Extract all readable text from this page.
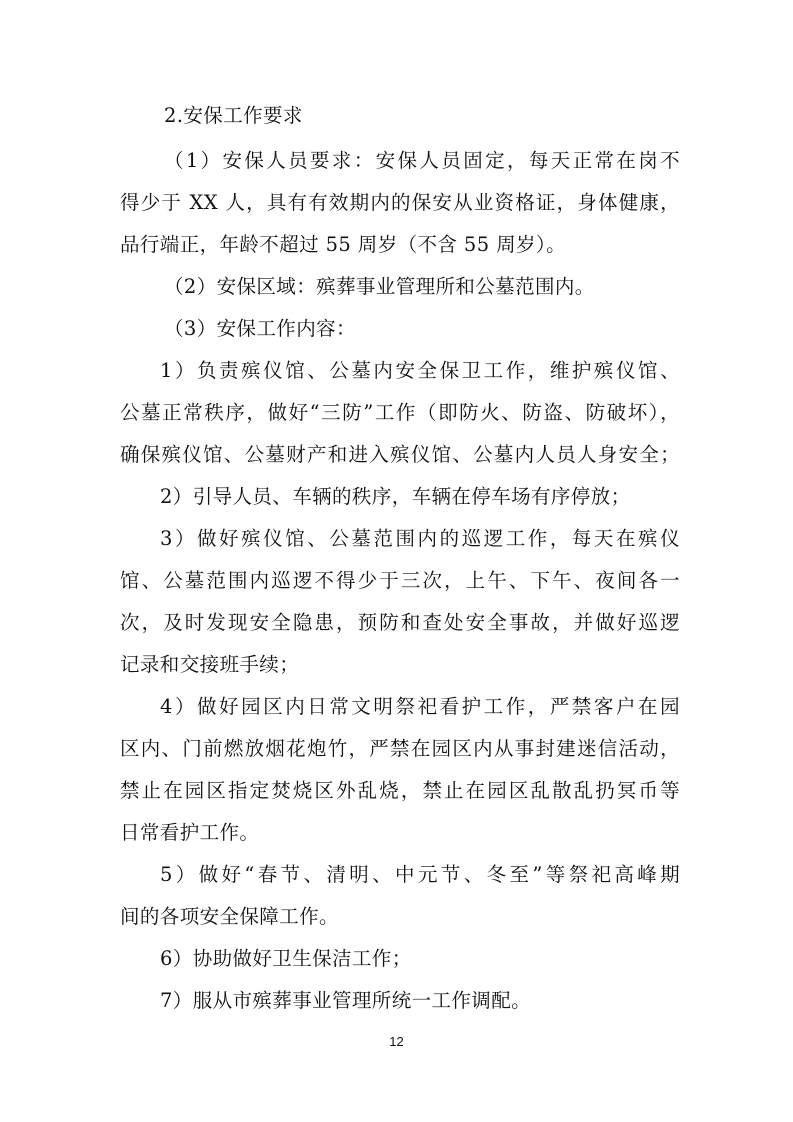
2.安保工作要求
（1）安保人员要求：安保人员固定，每天正常在岗不
得少于 XX 人，具有有效期内的保安从业资格证，身体健康，
品行端正，年龄不超过 55 周岁（不含 55 周岁）。
（2）安保区域：殡葬事业管理所和公墓范围内。
（3）安保工作内容：
1）负责殡仪馆、公墓内安全保卫工作，维护殡仪馆、
公墓正常秩序，做好“三防”工作（即防火、防盗、防破坏），
确保殡仪馆、公墓财产和进入殡仪馆、公墓内人员人身安全；
2）引导人员、车辆的秩序，车辆在停车场有序停放；
3）做好殡仪馆、公墓范围内的巡逻工作，每天在殡仪
馆、公墓范围内巡逻不得少于三次，上午、下午、夜间各一
次，及时发现安全隐患，预防和查处安全事故，并做好巡逻
记录和交接班手续；
4）做好园区内日常文明祭祀看护工作，严禁客户在园
区内、门前燃放烟花炮竹，严禁在园区内从事封建迷信活动，
禁止在园区指定焚烧区外乱烧，禁止在园区乱散乱扔冥币等
日常看护工作。
5）做好“春节、清明、中元节、冬至”等祭祀高峰期
间的各项安全保障工作。
6）协助做好卫生保洁工作；
7）服从市殡葬事业管理所统一工作调配。
12
